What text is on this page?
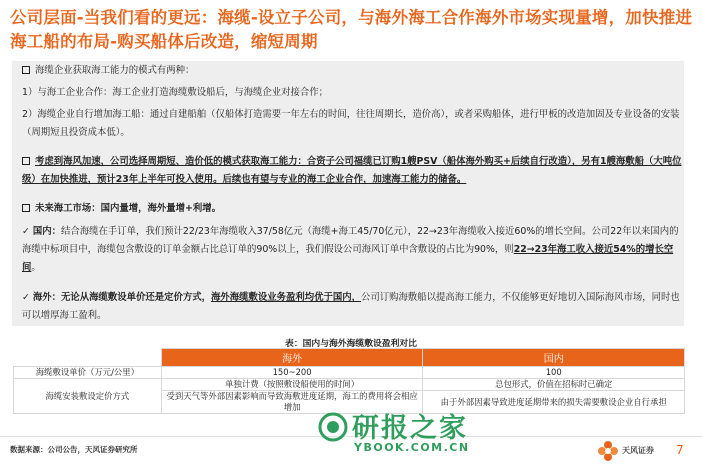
公司层面-当我们看的更远：海缆-设立子公司，与海外海工合作海外市场实现量增，加快推进海工船的布局-购买船体后改造，缩短周期
海缆企业获取海工能力的模式有两种：
1）与海工企业合作：海工企业打造海缆敷设船后，与海缆企业对接合作；
2）海缆企业自行增加海工船：通过自建船舶（仅船体打造需要一年左右的时间，往往周期长，造价高），或者采购船体，进行甲板的改造加固及专业设备的安装（周期短且投资成本低）。
考虑到海风加速，公司选择周期短、造价低的模式获取海工能力：合资子公司福缆已订购1艘PSV（船体海外购买+后续自行改造），另有1艘海敷船（大吨位级）在加快推进，预计23年上半年可投入使用。后续也有望与专业的海工企业合作，加速海工能力的储备。
未来海工市场：国内量增，海外量增+利增。
✓ 国内：结合海缆在手订单，我们预计22/23年海缆收入37/58亿元（海缆+海工45/70亿元），22→23年海缆收入接近60%的增长空间。公司22年以来国内的海缆中标项目中，海缆包含敷设的订单金额占比总订单的90%以上，我们假设公司海风订单中含敷设的占比为90%，则22→23年海工收入接近54%的增长空间。
✓ 海外：无论从海缆敷设单价还是定价方式，海外海缆敷设业务盈利均优于国内，公司订购海敷船以提高海工能力，不仅能够更好地切入国际海风市场，同时也可以增厚海工盈利。
表：国内与海外海缆敷设盈利对比
	海外	国内
海缆敷设单价（万元/公里）	150~200	100
海缆安装敷设定价方式	单独计费（按照敷设船使用的时间）	总包形式，价值在招标时已确定
	受到天气等外部因素影响而导致海敷进度延期，海工的费用将会相应增加	由于外部因素导致进度延期带来的损失需要敷设企业自行承担
数据来源：公司公告，天风证券研究所
研报之家
YBOOK.COM.CN	天风证券 7
